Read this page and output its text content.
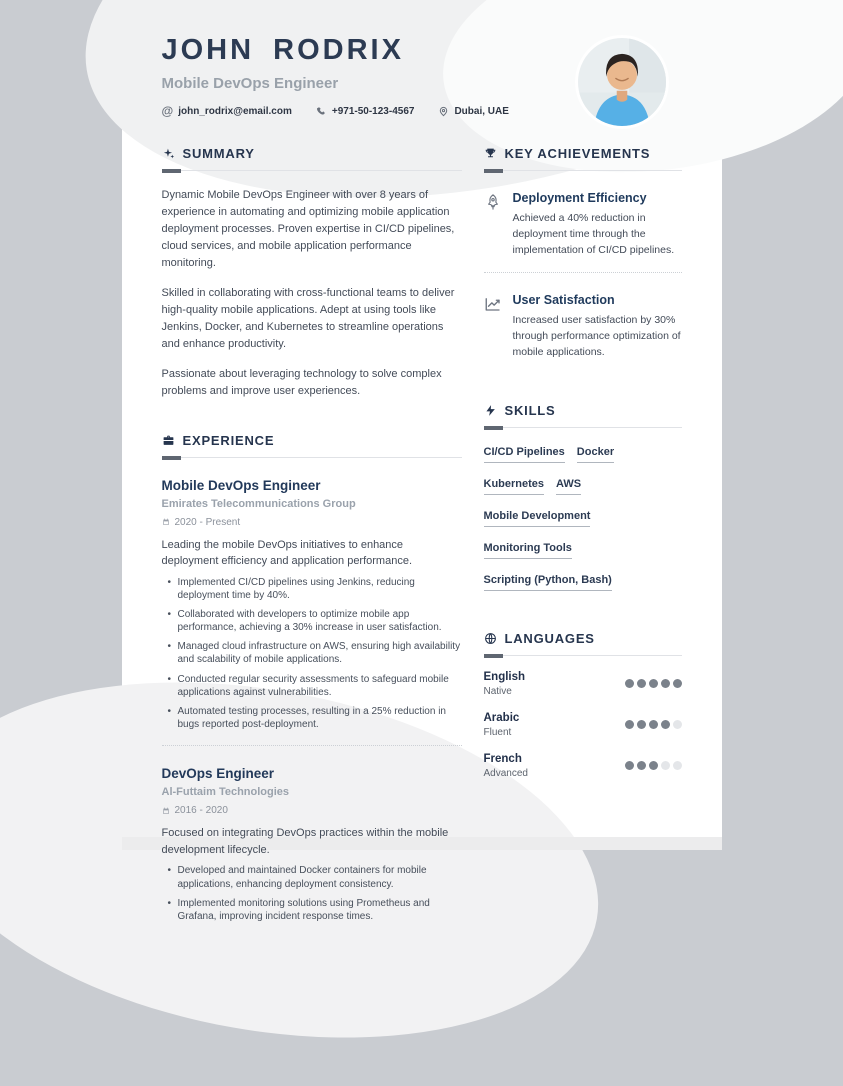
JOHN RODRIX
Mobile DevOps Engineer
@ john_rodrix@email.com	+971-50-123-4567	Dubai, UAE
SUMMARY

Dynamic Mobile DevOps Engineer with over 8 years of experience in automating and optimizing mobile application deployment processes. Proven expertise in CI/CD pipelines, cloud services, and mobile application performance monitoring.

Skilled in collaborating with cross-functional teams to deliver high-quality mobile applications. Adept at using tools like Jenkins, Docker, and Kubernetes to streamline operations and enhance productivity.

Passionate about leveraging technology to solve complex problems and improve user experiences.

EXPERIENCE
Mobile DevOps Engineer
Emirates Telecommunications Group
2020 - Present
Leading the mobile DevOps initiatives to enhance deployment efficiency and application performance.
• Implemented CI/CD pipelines using Jenkins, reducing deployment time by 40%.
• Collaborated with developers to optimize mobile app performance, achieving a 30% increase in user satisfaction.
• Managed cloud infrastructure on AWS, ensuring high availability and scalability of mobile applications.
• Conducted regular security assessments to safeguard mobile applications against vulnerabilities.
• Automated testing processes, resulting in a 25% reduction in bugs reported post-deployment.
DevOps Engineer
Al-Futtaim Technologies
2016 - 2020
Focused on integrating DevOps practices within the mobile development lifecycle.
• Developed and maintained Docker containers for mobile applications, enhancing deployment consistency.
• Implemented monitoring solutions using Prometheus and Grafana, improving incident response times.
KEY ACHIEVEMENTS
Deployment Efficiency
Achieved a 40% reduction in deployment time through the implementation of CI/CD pipelines.
User Satisfaction
Increased user satisfaction by 30% through performance optimization of mobile applications.
SKILLS
CI/CD Pipelines Docker
Kubernetes AWS
Mobile Development
Monitoring Tools
Scripting (Python, Bash)
LANGUAGES
English
Native
Arabic
Fluent
French
Advanced
